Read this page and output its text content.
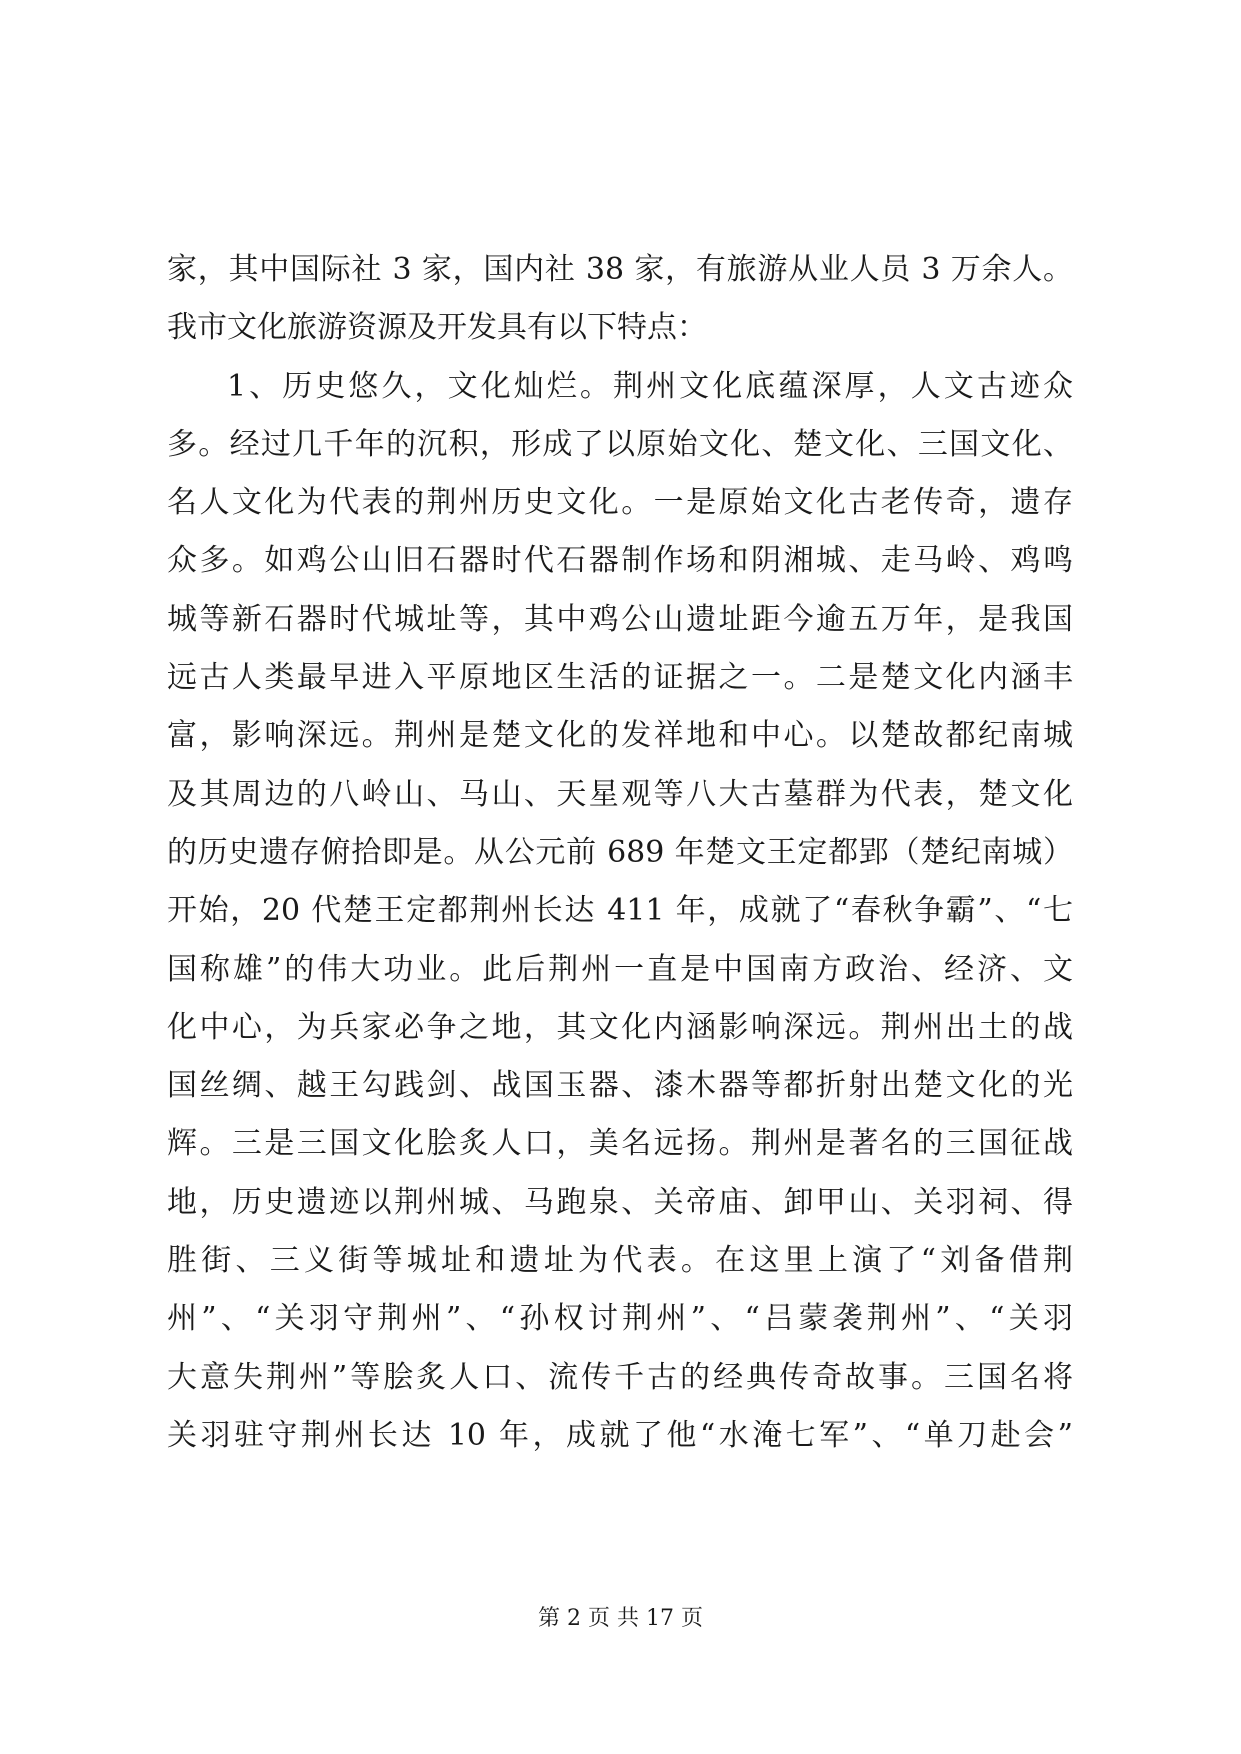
家，其中国际社 3 家，国内社 38 家，有旅游从业人员 3 万余人。
我市文化旅游资源及开发具有以下特点：
1、历史悠久，文化灿烂。荆州文化底蕴深厚，人文古迹众
多。经过几千年的沉积，形成了以原始文化、楚文化、三国文化、
名人文化为代表的荆州历史文化。一是原始文化古老传奇，遗存
众多。如鸡公山旧石器时代石器制作场和阴湘城、走马岭、鸡鸣
城等新石器时代城址等，其中鸡公山遗址距今逾五万年，是我国
远古人类最早进入平原地区生活的证据之一。二是楚文化内涵丰
富，影响深远。荆州是楚文化的发祥地和中心。以楚故都纪南城
及其周边的八岭山、马山、天星观等八大古墓群为代表，楚文化
的历史遗存俯拾即是。从公元前 689 年楚文王定都郢（楚纪南城）
开始，20 代楚王定都荆州长达 411 年，成就了“春秋争霸”、“七
国称雄”的伟大功业。此后荆州一直是中国南方政治、经济、文
化中心，为兵家必争之地，其文化内涵影响深远。荆州出土的战
国丝绸、越王勾践剑、战国玉器、漆木器等都折射出楚文化的光
辉。三是三国文化脍炙人口，美名远扬。荆州是著名的三国征战
地，历史遗迹以荆州城、马跑泉、关帝庙、卸甲山、关羽祠、得
胜街、三义街等城址和遗址为代表。在这里上演了“刘备借荆
州”、“关羽守荆州”、“孙权讨荆州”、“吕蒙袭荆州”、“关羽
大意失荆州”等脍炙人口、流传千古的经典传奇故事。三国名将
关羽驻守荆州长达 10 年，成就了他“水淹七军”、“单刀赴会”
第 2 页 共 17 页
